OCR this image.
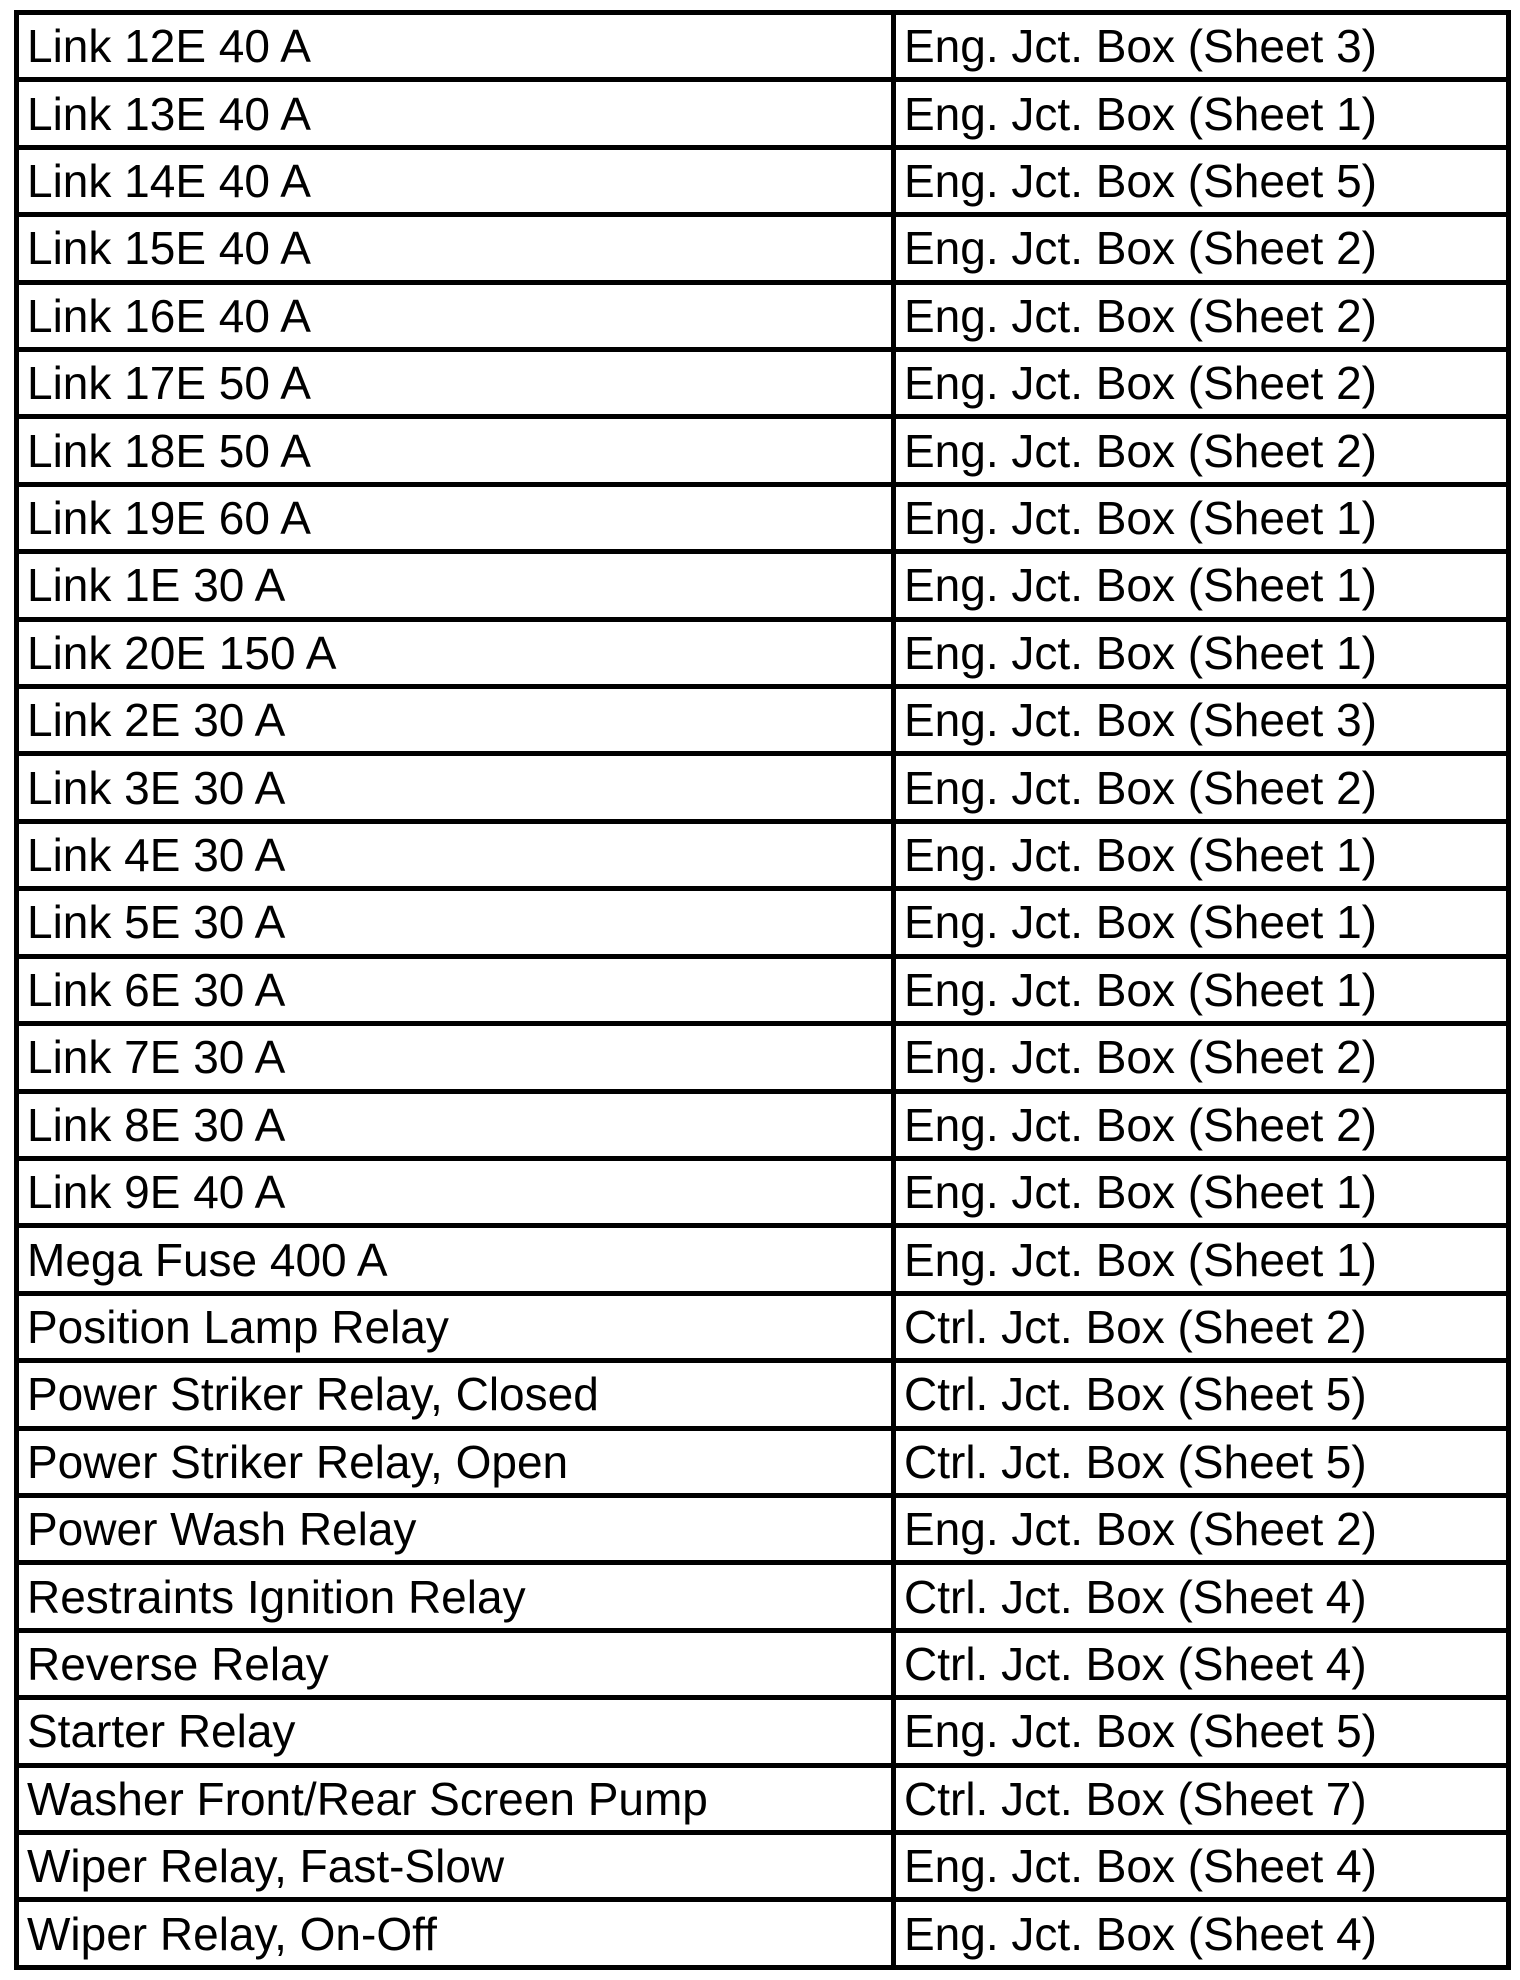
Link 12E 40 A	Eng. Jct. Box (Sheet 3)
Link 13E 40 A	Eng. Jct. Box (Sheet 1)
Link 14E 40 A	Eng. Jct. Box (Sheet 5)
Link 15E 40 A	Eng. Jct. Box (Sheet 2)
Link 16E 40 A	Eng. Jct. Box (Sheet 2)
Link 17E 50 A	Eng. Jct. Box (Sheet 2)
Link 18E 50 A	Eng. Jct. Box (Sheet 2)
Link 19E 60 A	Eng. Jct. Box (Sheet 1)
Link 1E 30 A	Eng. Jct. Box (Sheet 1)
Link 20E 150 A	Eng. Jct. Box (Sheet 1)
Link 2E 30 A	Eng. Jct. Box (Sheet 3)
Link 3E 30 A	Eng. Jct. Box (Sheet 2)
Link 4E 30 A	Eng. Jct. Box (Sheet 1)
Link 5E 30 A	Eng. Jct. Box (Sheet 1)
Link 6E 30 A	Eng. Jct. Box (Sheet 1)
Link 7E 30 A	Eng. Jct. Box (Sheet 2)
Link 8E 30 A	Eng. Jct. Box (Sheet 2)
Link 9E 40 A	Eng. Jct. Box (Sheet 1)
Mega Fuse 400 A	Eng. Jct. Box (Sheet 1)
Position Lamp Relay	Ctrl. Jct. Box (Sheet 2)
Power Striker Relay, Closed	Ctrl. Jct. Box (Sheet 5)
Power Striker Relay, Open	Ctrl. Jct. Box (Sheet 5)
Power Wash Relay	Eng. Jct. Box (Sheet 2)
Restraints Ignition Relay	Ctrl. Jct. Box (Sheet 4)
Reverse Relay	Ctrl. Jct. Box (Sheet 4)
Starter Relay	Eng. Jct. Box (Sheet 5)
Washer Front/Rear Screen Pump	Ctrl. Jct. Box (Sheet 7)
Wiper Relay, Fast-Slow	Eng. Jct. Box (Sheet 4)
Wiper Relay, On-Off	Eng. Jct. Box (Sheet 4)
